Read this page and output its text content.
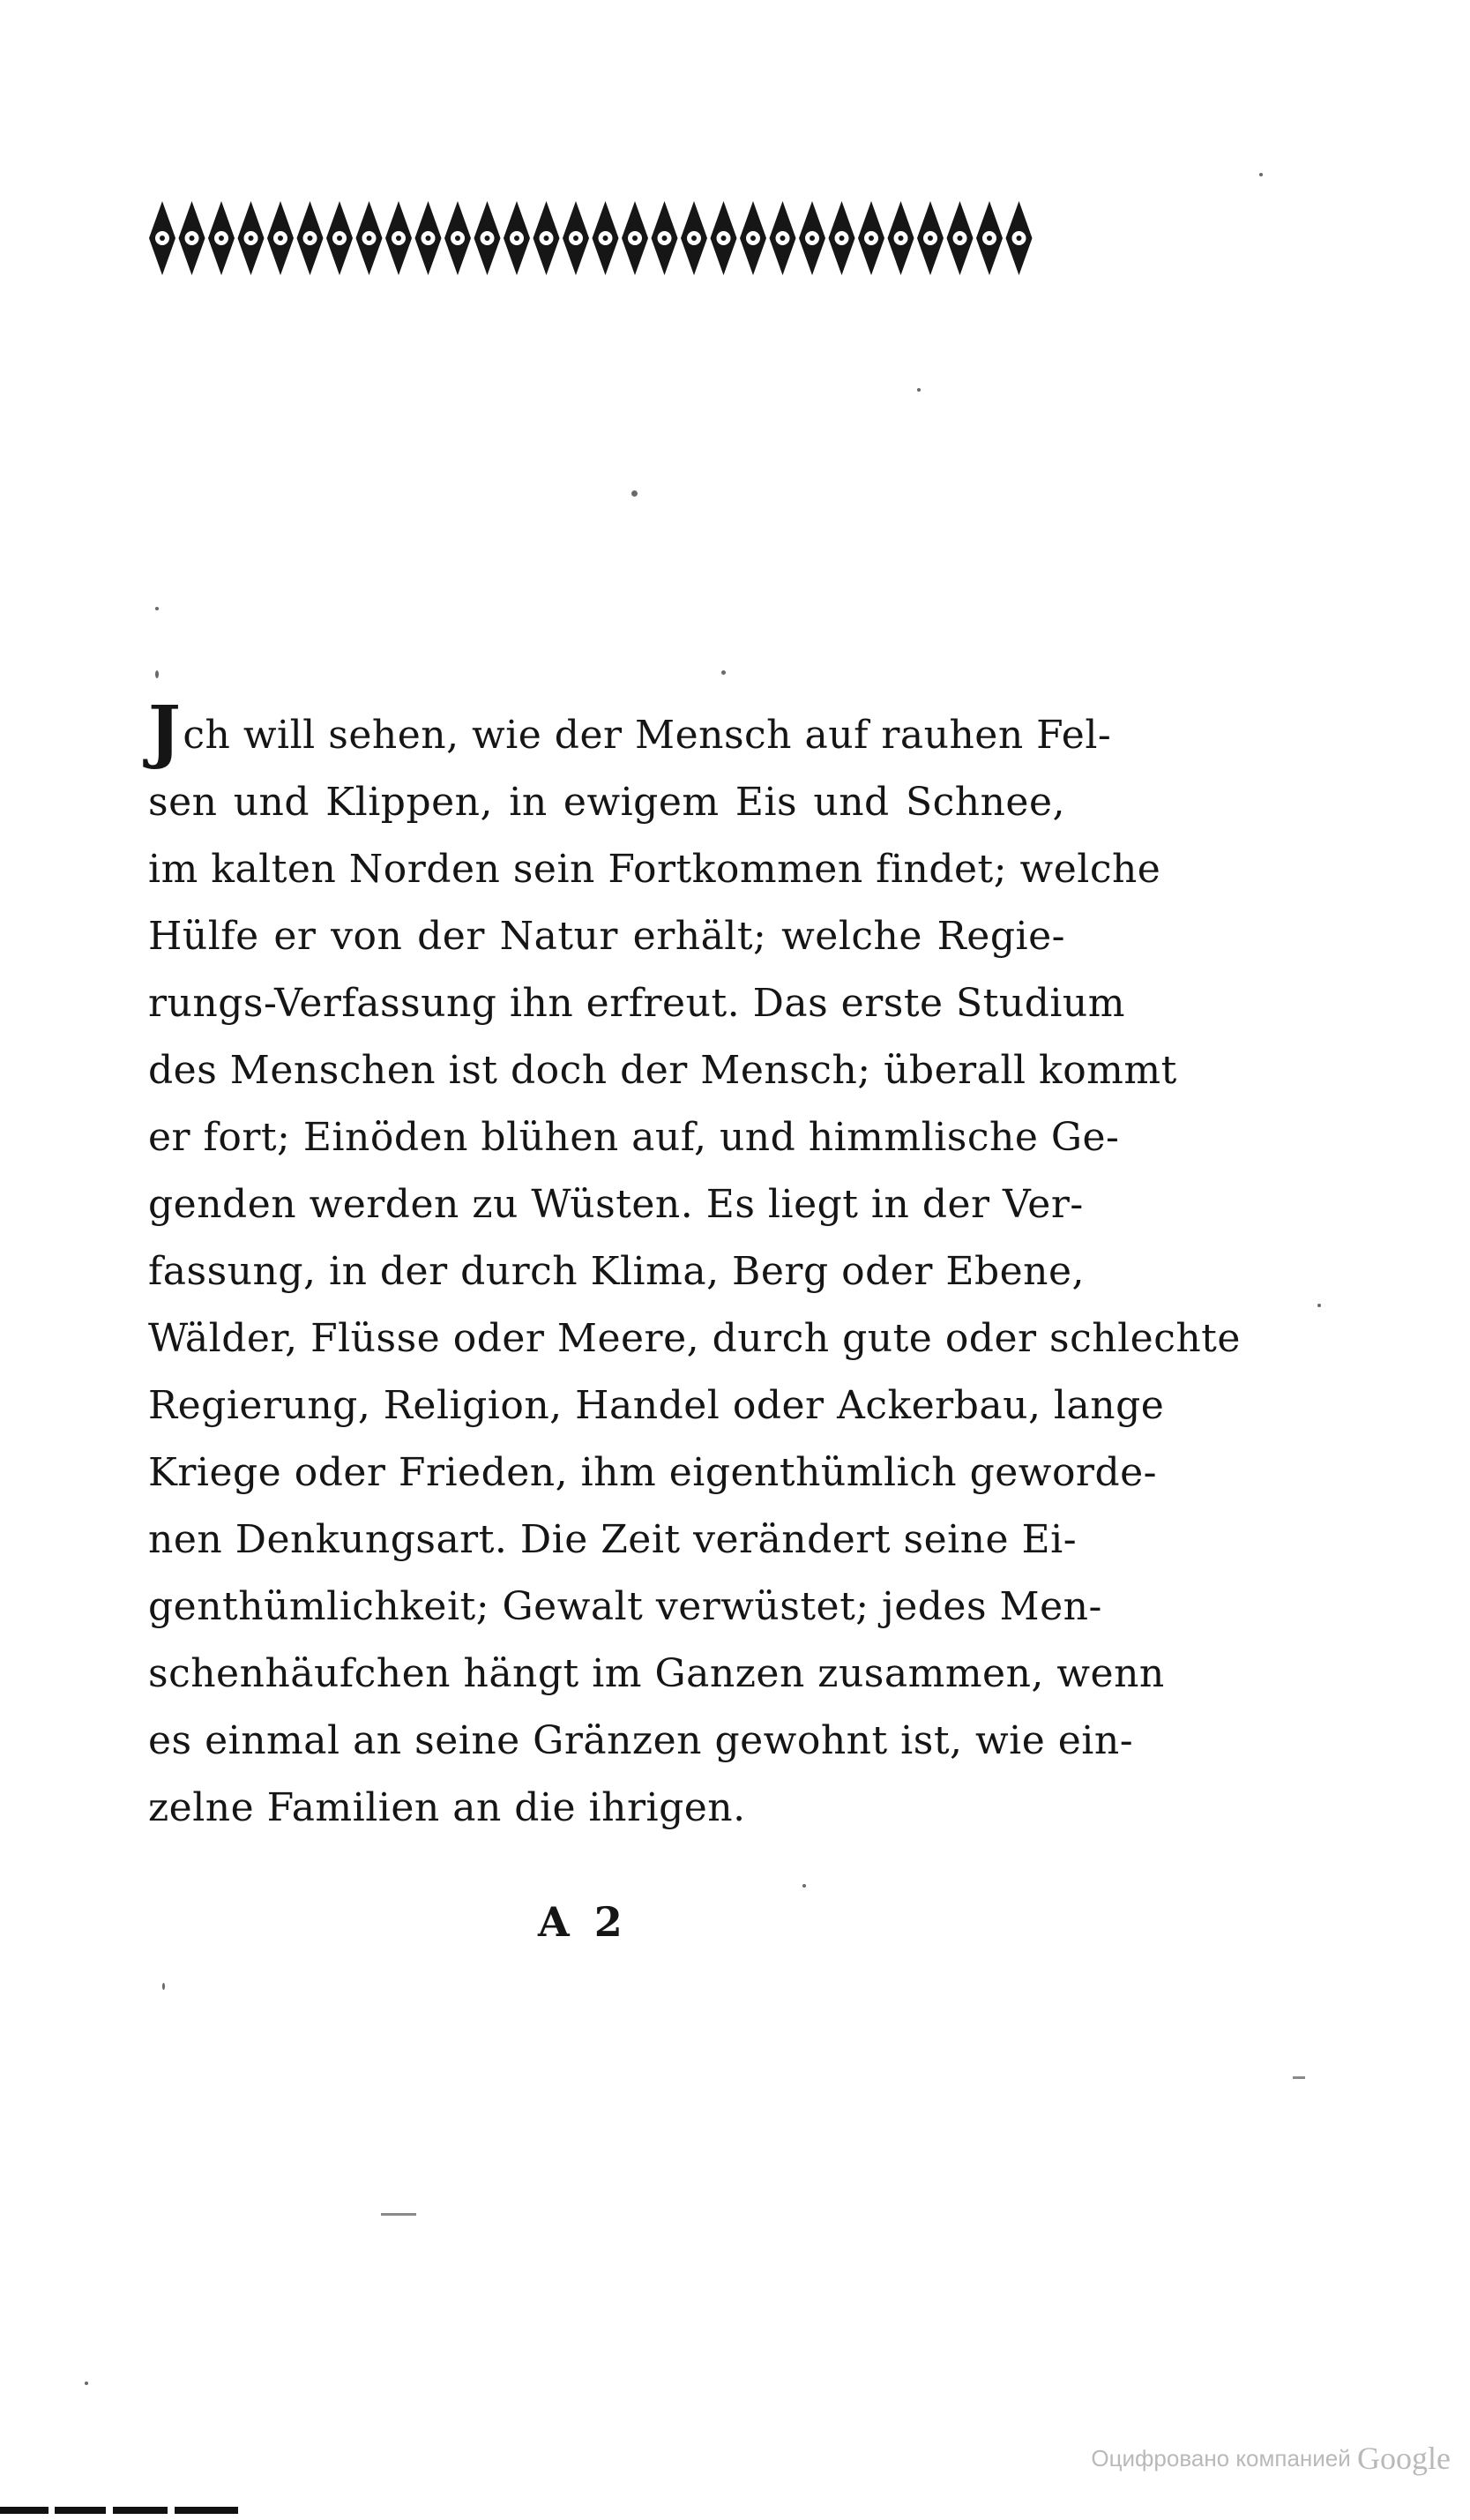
Jch will sehen, wie der Mensch auf rauhen Fel-
sen und Klippen, in ewigem Eis und Schnee,
im kalten Norden sein Fortkommen findet; welche
Hülfe er von der Natur erhält; welche Regie-
rungs-Verfassung ihn erfreut. Das erste Studium
des Menschen ist doch der Mensch; überall kommt
er fort; Einöden blühen auf, und himmlische Ge-
genden werden zu Wüsten. Es liegt in der Ver-
fassung, in der durch Klima, Berg oder Ebene,
Wälder, Flüsse oder Meere, durch gute oder schlechte
Regierung, Religion, Handel oder Ackerbau, lange
Kriege oder Frieden, ihm eigenthümlich geworde-
nen Denkungsart. Die Zeit verändert seine Ei-
genthümlichkeit; Gewalt verwüstet; jedes Men-
schenhäufchen hängt im Ganzen zusammen, wenn
es einmal an seine Gränzen gewohnt ist, wie ein-
zelne Familien an die ihrigen.
A 2
Оцифровано компанией Google
